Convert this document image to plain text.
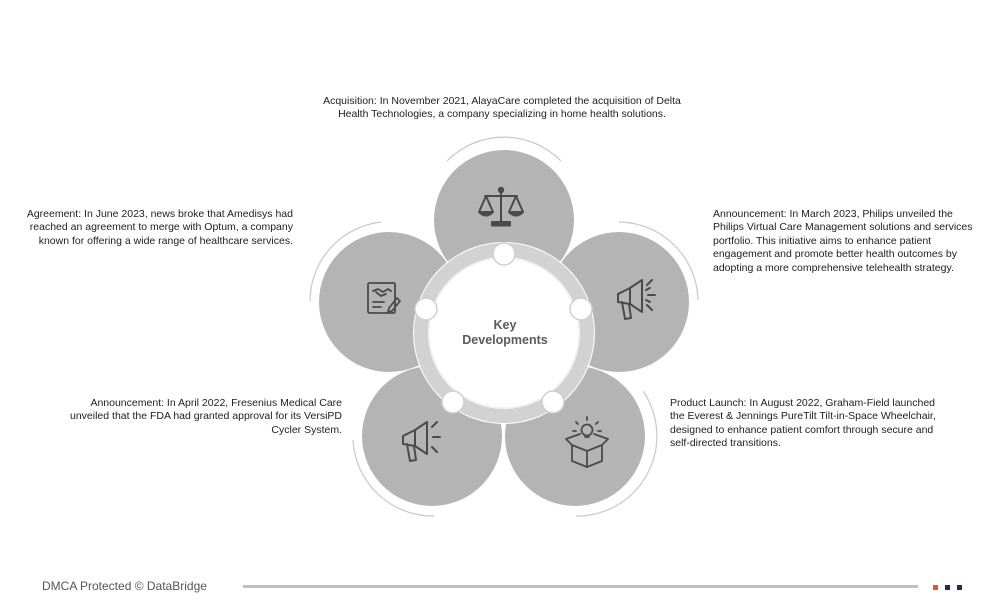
Acquisition: In November 2021, AlayaCare completed the acquisition of Delta
Health Technologies, a company specializing in home health solutions.
Announcement: In March 2023, Philips unveiled the
Philips Virtual Care Management solutions and services
portfolio. This initiative aims to enhance patient
engagement and promote better health outcomes by
adopting a more comprehensive telehealth strategy.
Product Launch: In August 2022, Graham-Field launched
the Everest & Jennings PureTilt Tilt-in-Space Wheelchair,
designed to enhance patient comfort through secure and
self-directed transitions.
Announcement: In April 2022, Fresenius Medical Care
unveiled that the FDA had granted approval for its VersiPD
Cycler System.
Agreement: In June 2023, news broke that Amedisys had
reached an agreement to merge with Optum, a company
known for offering a wide range of healthcare services.
Key
Developments
DMCA Protected © DataBridge
